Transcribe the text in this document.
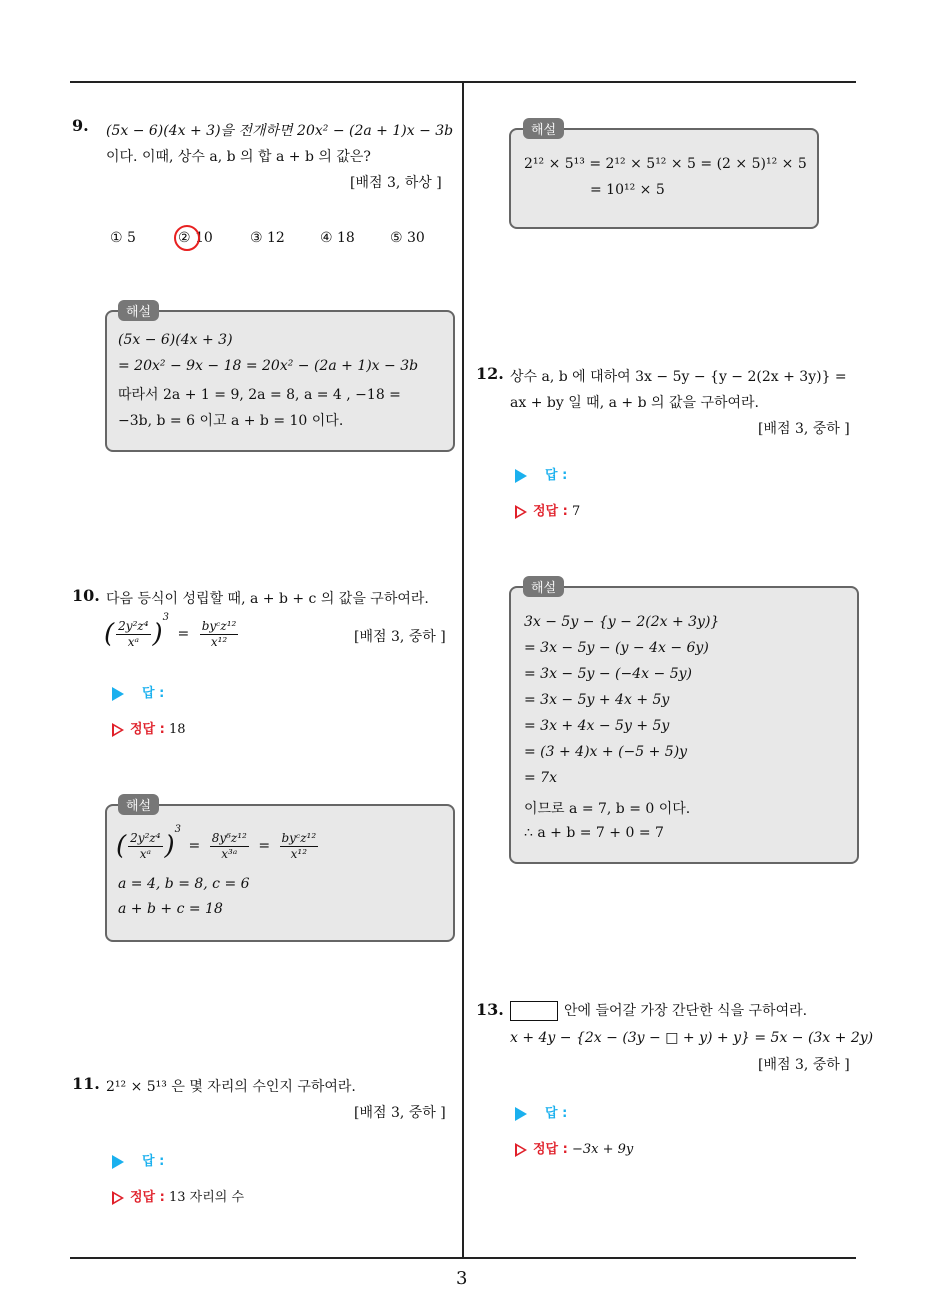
3
9. (5x − 6)(4x + 3)을 전개하면 20x² − (2a + 1)x − 3b
이다. 이때, 상수 a, b 의 합 a + b 의 값은?
[배점 3, 하상 ]
① 5	② 10	③ 12	④ 18	⑤ 30
해설
(5x − 6)(4x + 3)
= 20x² − 9x − 18 = 20x² − (2a + 1)x − 3b
따라서 2a + 1 = 9, 2a = 8, a = 4 , −18 =
−3b, b = 6 이고 a + b = 10 이다.
10. 다음 등식이 성립할 때, a + b + c 의 값을 구하여라.
( $\frac{\text{2y²z⁴}}{\text{xᵃ}} )^3 = \frac{\text{byᶜz¹²}}{\text{x¹²}}$	[배점 3, 중하 ]
답 :
정답 : 18
해설
( $\frac{\text{2y²z⁴}}{\text{xᵃ}} )^3 = \frac{\text{8y⁶z¹²}}{\text{x³ᵃ}} = \frac{\text{byᶜz¹²}}{\text{x¹²}}$
a = 4, b = 8, c = 6
a + b + c = 18
11. 2¹² × 5¹³ 은 몇 자리의 수인지 구하여라.
[배점 3, 중하 ]
답 :
정답 : 13 자리의 수
해설
2¹² × 5¹³ = 2¹² × 5¹² × 5 = (2 × 5)¹² × 5
= 10¹² × 5
12. 상수 a, b 에 대하여 3x − 5y − {y − 2(2x + 3y)} =
ax + by 일 때, a + b 의 값을 구하여라.
[배점 3, 중하 ]
답 :
정답 : 7
해설
3x − 5y − {y − 2(2x + 3y)}
= 3x − 5y − (y − 4x − 6y)
= 3x − 5y − (−4x − 5y)
= 3x − 5y + 4x + 5y
= 3x + 4x − 5y + 5y
= (3 + 4)x + (−5 + 5)y
= 7x
이므로 a = 7, b = 0 이다.
∴ a + b = 7 + 0 = 7
13.	안에 들어갈 가장 간단한 식을 구하여라.
x + 4y − {2x − (3y − □ + y) + y} = 5x − (3x + 2y)
[배점 3, 중하 ]
답 :
정답 : −3x + 9y
